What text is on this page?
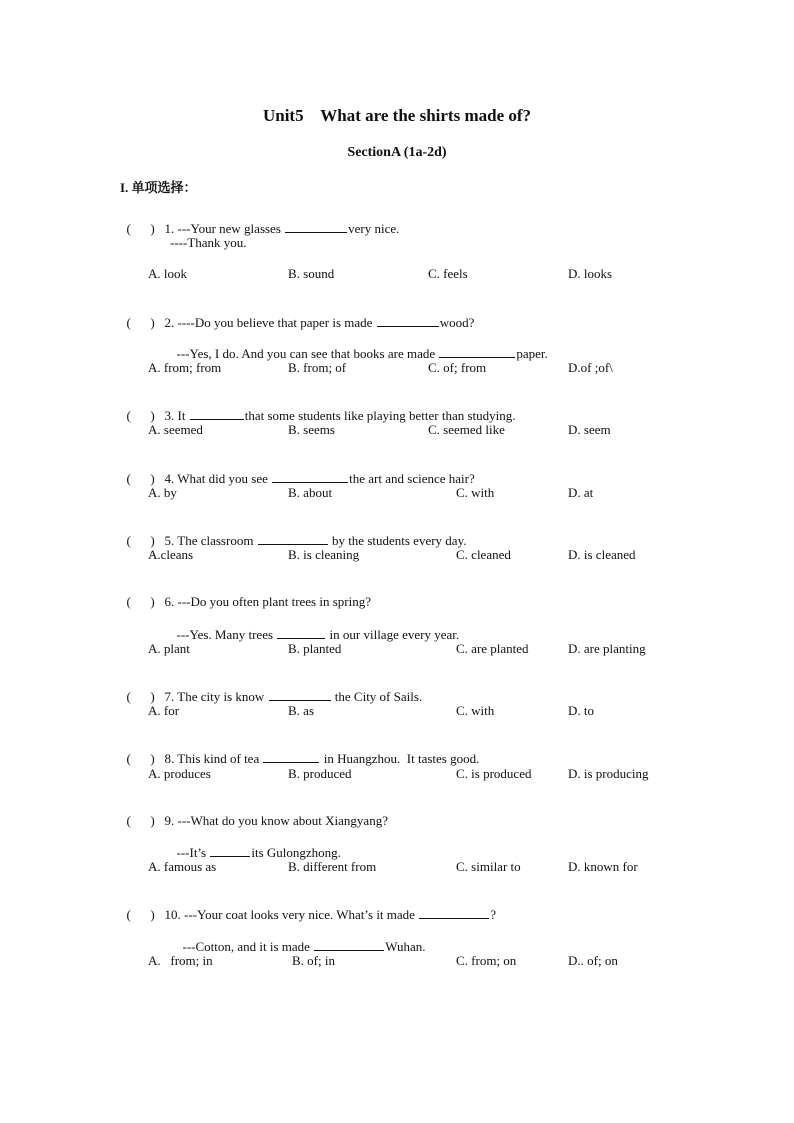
Unit5    What are the shirts made of?
SectionA (1a-2d)
I. 单项选择：

(      ) 1. ---Your new glasses	very nice.

----Thank you.
A. look	B. sound	C. feels	D. looks

(      ) 2. ----Do you believe that paper is made	wood?

---Yes, I do. And you can see that books are made	paper.

A. from; from	B. from; of	C. of; from	D.of ;of\

(      ) 3. It	that some students like playing better than studying.

A. seemed	B. seems	C. seemed like	D. seem

(      ) 4. What did you see	the art and science hair?

A. by	B. about	C. with	D. at

(      ) 5. The classroom	by the students every day.

A.cleans	B. is cleaning	C. cleaned	D. is cleaned

(      ) 6. ---Do you often plant trees in spring?

---Yes. Many trees	in our village every year.

A. plant	B. planted	C. are planted	D. are planting

(      ) 7. The city is know	the City of Sails.

A. for	B. as	C. with	D. to

(      ) 8. This kind of tea	in Huangzhou.  It tastes good.

A. produces	B. produced	C. is produced	D. is producing

(      ) 9. ---What do you know about Xiangyang?

---It’s	its Gulongzhong.

A. famous as	B. different from	C. similar to	D. known for

(      ) 10. ---Your coat looks very nice. What’s it made	?

---Cotton, and it is made	Wuhan.

A.   from; in	B. of; in	C. from; on	D.. of; on
